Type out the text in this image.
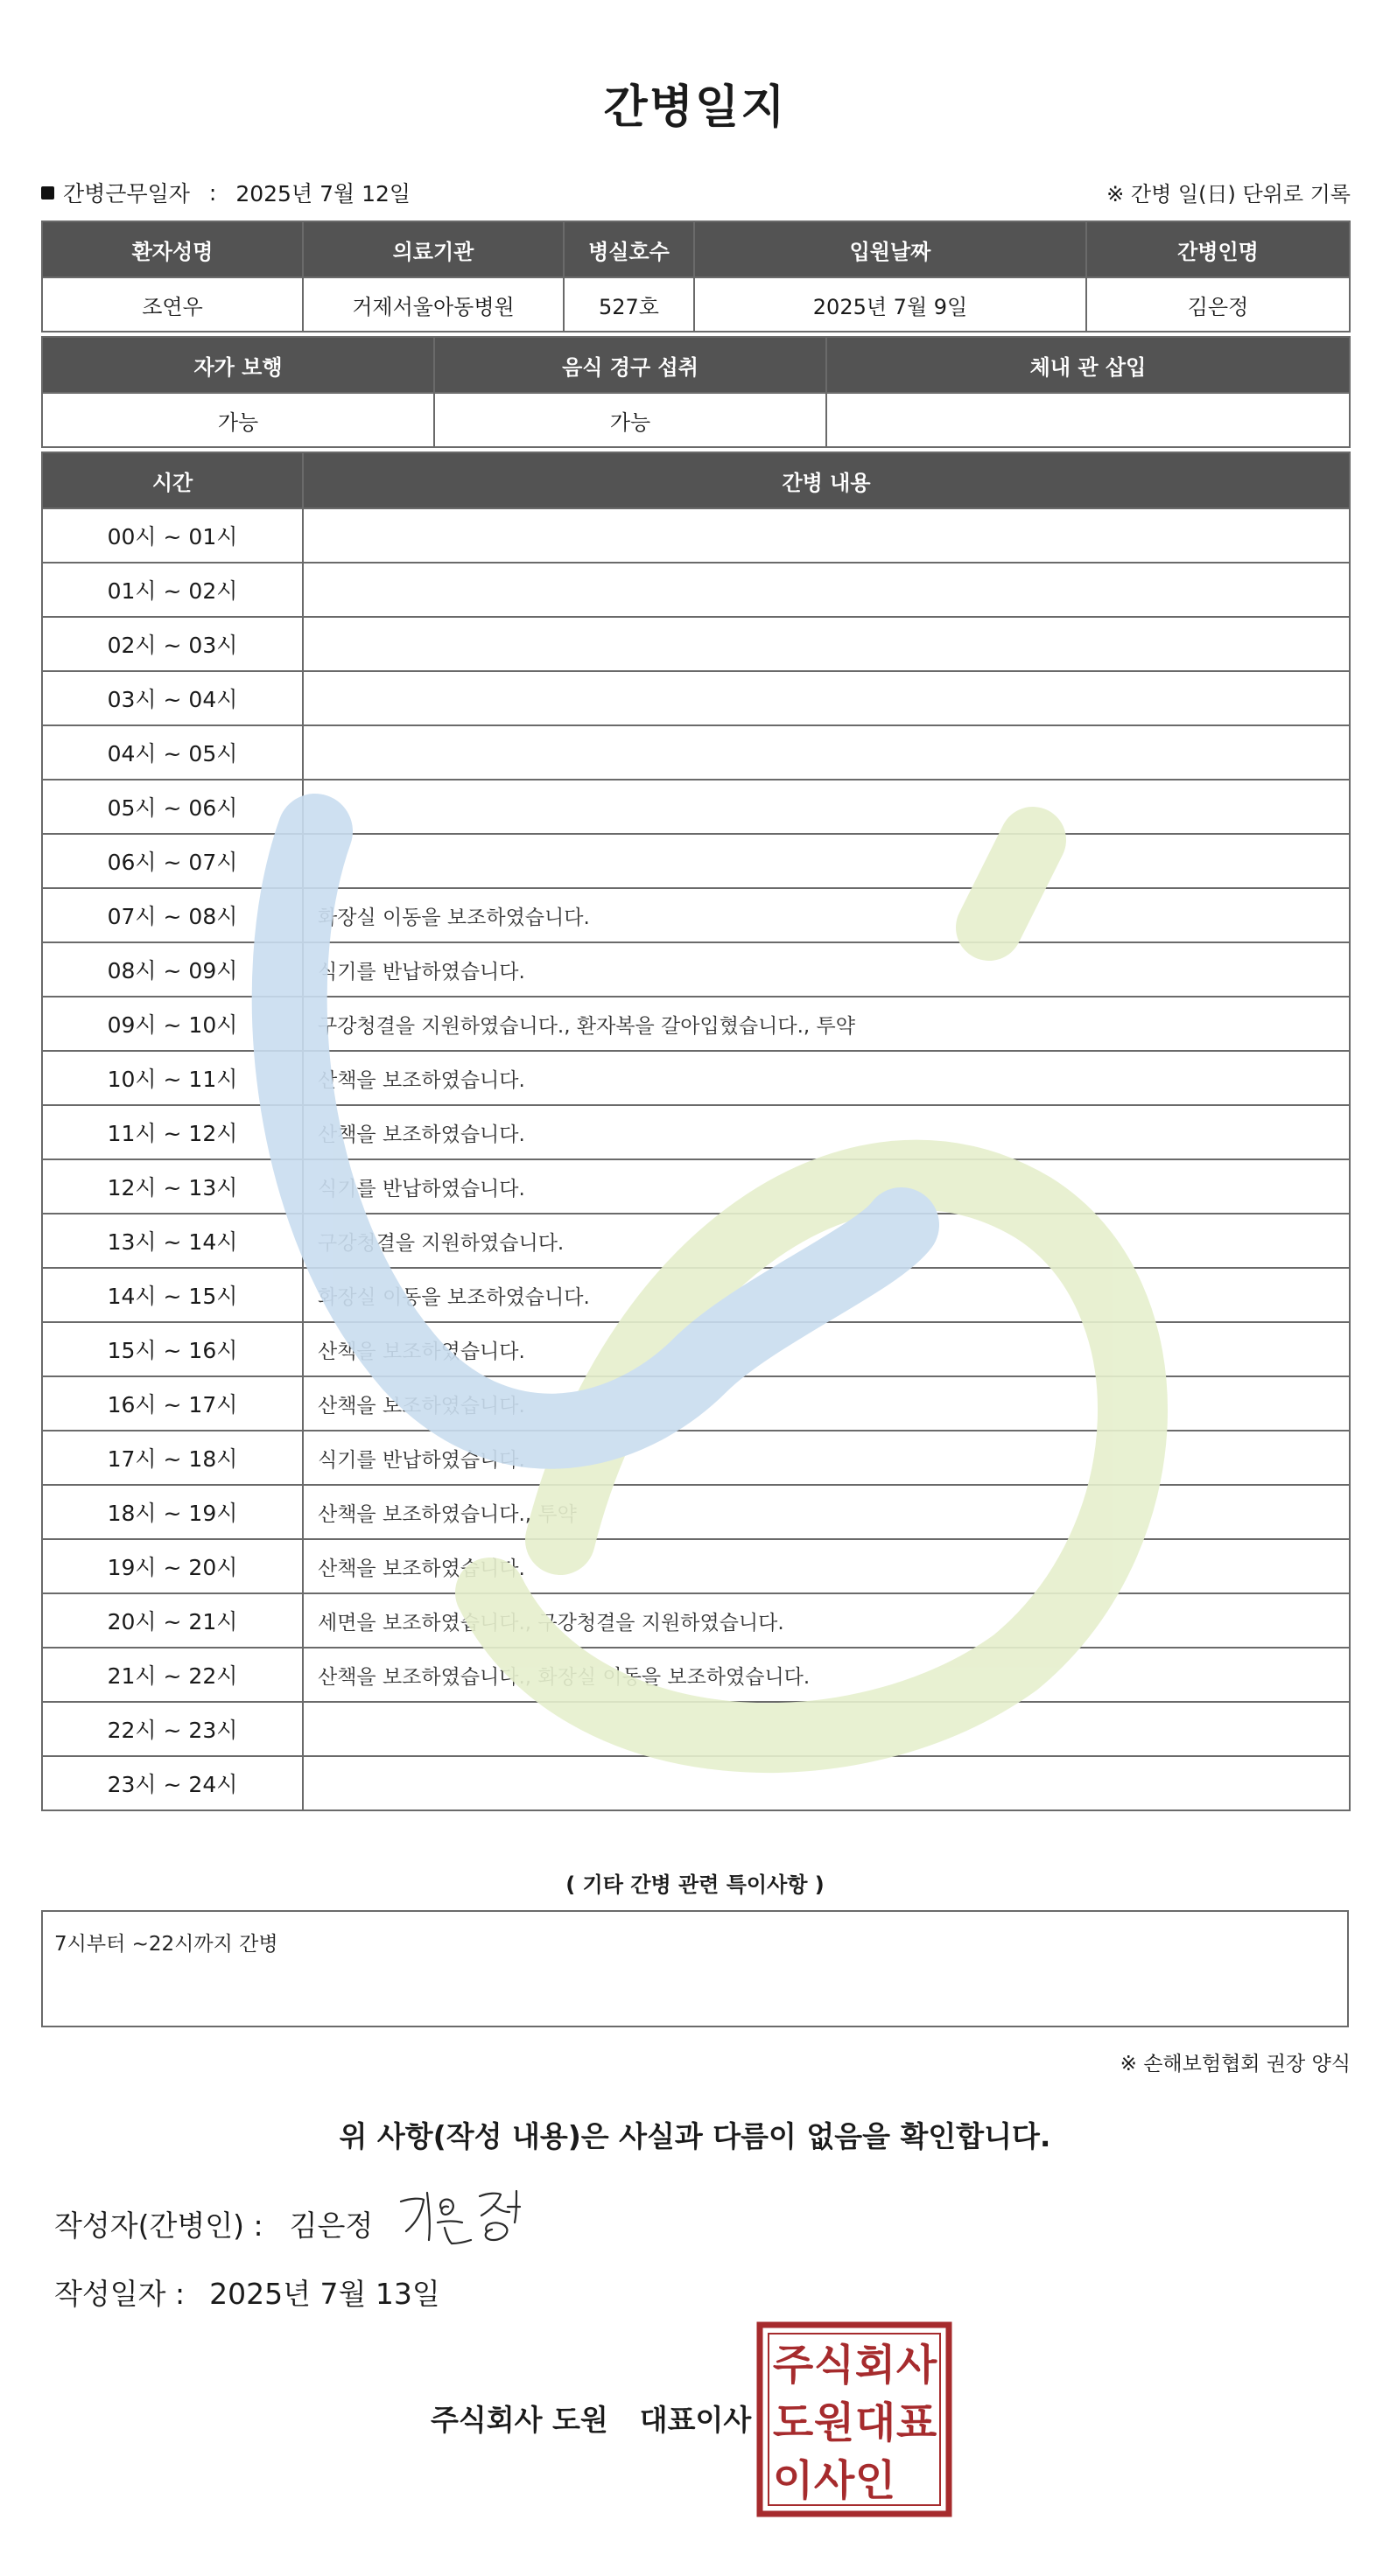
간병일지
간병근무일자 : 2025년 7월 12일	※ 간병 일(日) 단위로 기록
환자성명	의료기관	병실호수	입원날짜	간병인명
조연우	거제서울아동병원	527호	2025년 7월 9일	김은정
자가 보행	음식 경구 섭취	체내 관 삽입
가능	가능	
시간	간병 내용
00시 ~ 01시	
01시 ~ 02시	
02시 ~ 03시	
03시 ~ 04시	
04시 ~ 05시	
05시 ~ 06시	
06시 ~ 07시	
07시 ~ 08시	화장실 이동을 보조하였습니다.
08시 ~ 09시	식기를 반납하였습니다.
09시 ~ 10시	구강청결을 지원하였습니다., 환자복을 갈아입혔습니다., 투약
10시 ~ 11시	산책을 보조하였습니다.
11시 ~ 12시	산책을 보조하였습니다.
12시 ~ 13시	식기를 반납하였습니다.
13시 ~ 14시	구강청결을 지원하였습니다.
14시 ~ 15시	화장실 이동을 보조하였습니다.
15시 ~ 16시	산책을 보조하였습니다.
16시 ~ 17시	산책을 보조하였습니다.
17시 ~ 18시	식기를 반납하였습니다.
18시 ~ 19시	산책을 보조하였습니다., 투약
19시 ~ 20시	산책을 보조하였습니다.
20시 ~ 21시	세면을 보조하였습니다., 구강청결을 지원하였습니다.
21시 ~ 22시	산책을 보조하였습니다., 화장실 이동을 보조하였습니다.
22시 ~ 23시	
23시 ~ 24시	
( 기타 간병 관련 특이사항 )
7시부터 ~22시까지 간병
※ 손해보험협회 권장 양식
위 사항(작성 내용)은 사실과 다름이 없음을 확인합니다.
작성자(간병인) : 김은정
작성일자 : 2025년 7월 13일
주식회사 도원 대표이사
주 식 회 사
도 원 대 표
이 사 인
